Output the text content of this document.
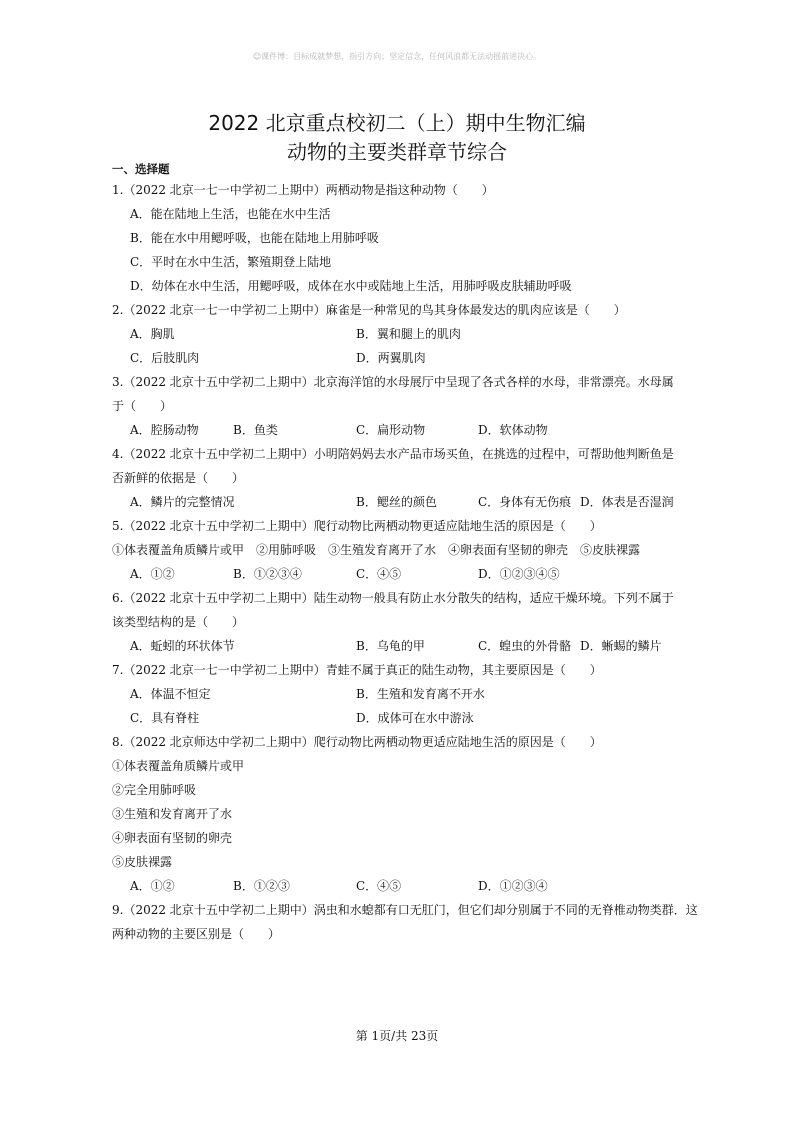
☺课件博：目标成就梦想，指引方向；坚定信念，任何风浪都无法动摇前进决心。
2022 北京重点校初二（上）期中生物汇编
动物的主要类群章节综合
一、选择题
1.（2022 北京一七一中学初二上期中）两栖动物是指这种动物（　　）
A．能在陆地上生活，也能在水中生活
B．能在水中用鳃呼吸，也能在陆地上用肺呼吸
C．平时在水中生活，繁殖期登上陆地
D．幼体在水中生活，用鳃呼吸，成体在水中或陆地上生活，用肺呼吸皮肤辅助呼吸
2.（2022 北京一七一中学初二上期中）麻雀是一种常见的鸟其身体最发达的肌肉应该是（　　）
A．胸肌	B．翼和腿上的肌肉
C．后肢肌肉	D．两翼肌肉
3.（2022 北京十五中学初二上期中）北京海洋馆的水母展厅中呈现了各式各样的水母，非常漂亮。水母属
于（　　）
A．腔肠动物	B．鱼类	C．扁形动物	D．软体动物
4.（2022 北京十五中学初二上期中）小明陪妈妈去水产品市场买鱼，在挑选的过程中，可帮助他判断鱼是
否新鲜的依据是（　　）
A．鳞片的完整情况	B．鳃丝的颜色	C．身体有无伤痕 D．体表是否湿润
5.（2022 北京十五中学初二上期中）爬行动物比两栖动物更适应陆地生活的原因是（　　）
①体表覆盖角质鳞片或甲　②用肺呼吸　③生殖发育离开了水　④卵表面有坚韧的卵壳　⑤皮肤裸露
A．①②	B．①②③④	C．④⑤	D．①②③④⑤
6.（2022 北京十五中学初二上期中）陆生动物一般具有防止水分散失的结构，适应干燥环境。下列不属于
该类型结构的是（　　）
A．蚯蚓的环状体节	B．乌龟的甲	C．蝗虫的外骨骼 D．蜥蜴的鳞片
7.（2022 北京一七一中学初二上期中）青蛙不属于真正的陆生动物，其主要原因是（　　）
A．体温不恒定	B．生殖和发育离不开水
C．具有脊柱	D．成体可在水中游泳
8.（2022 北京师达中学初二上期中）爬行动物比两栖动物更适应陆地生活的原因是（　　）
①体表覆盖角质鳞片或甲
②完全用肺呼吸
③生殖和发育离开了水
④卵表面有坚韧的卵壳
⑤皮肤裸露
A．①②	B．①②③	C．④⑤	D．①②③④
9.（2022 北京十五中学初二上期中）涡虫和水螅都有口无肛门，但它们却分别属于不同的无脊椎动物类群．这
两种动物的主要区别是（　　）
第 1页/共 23页
